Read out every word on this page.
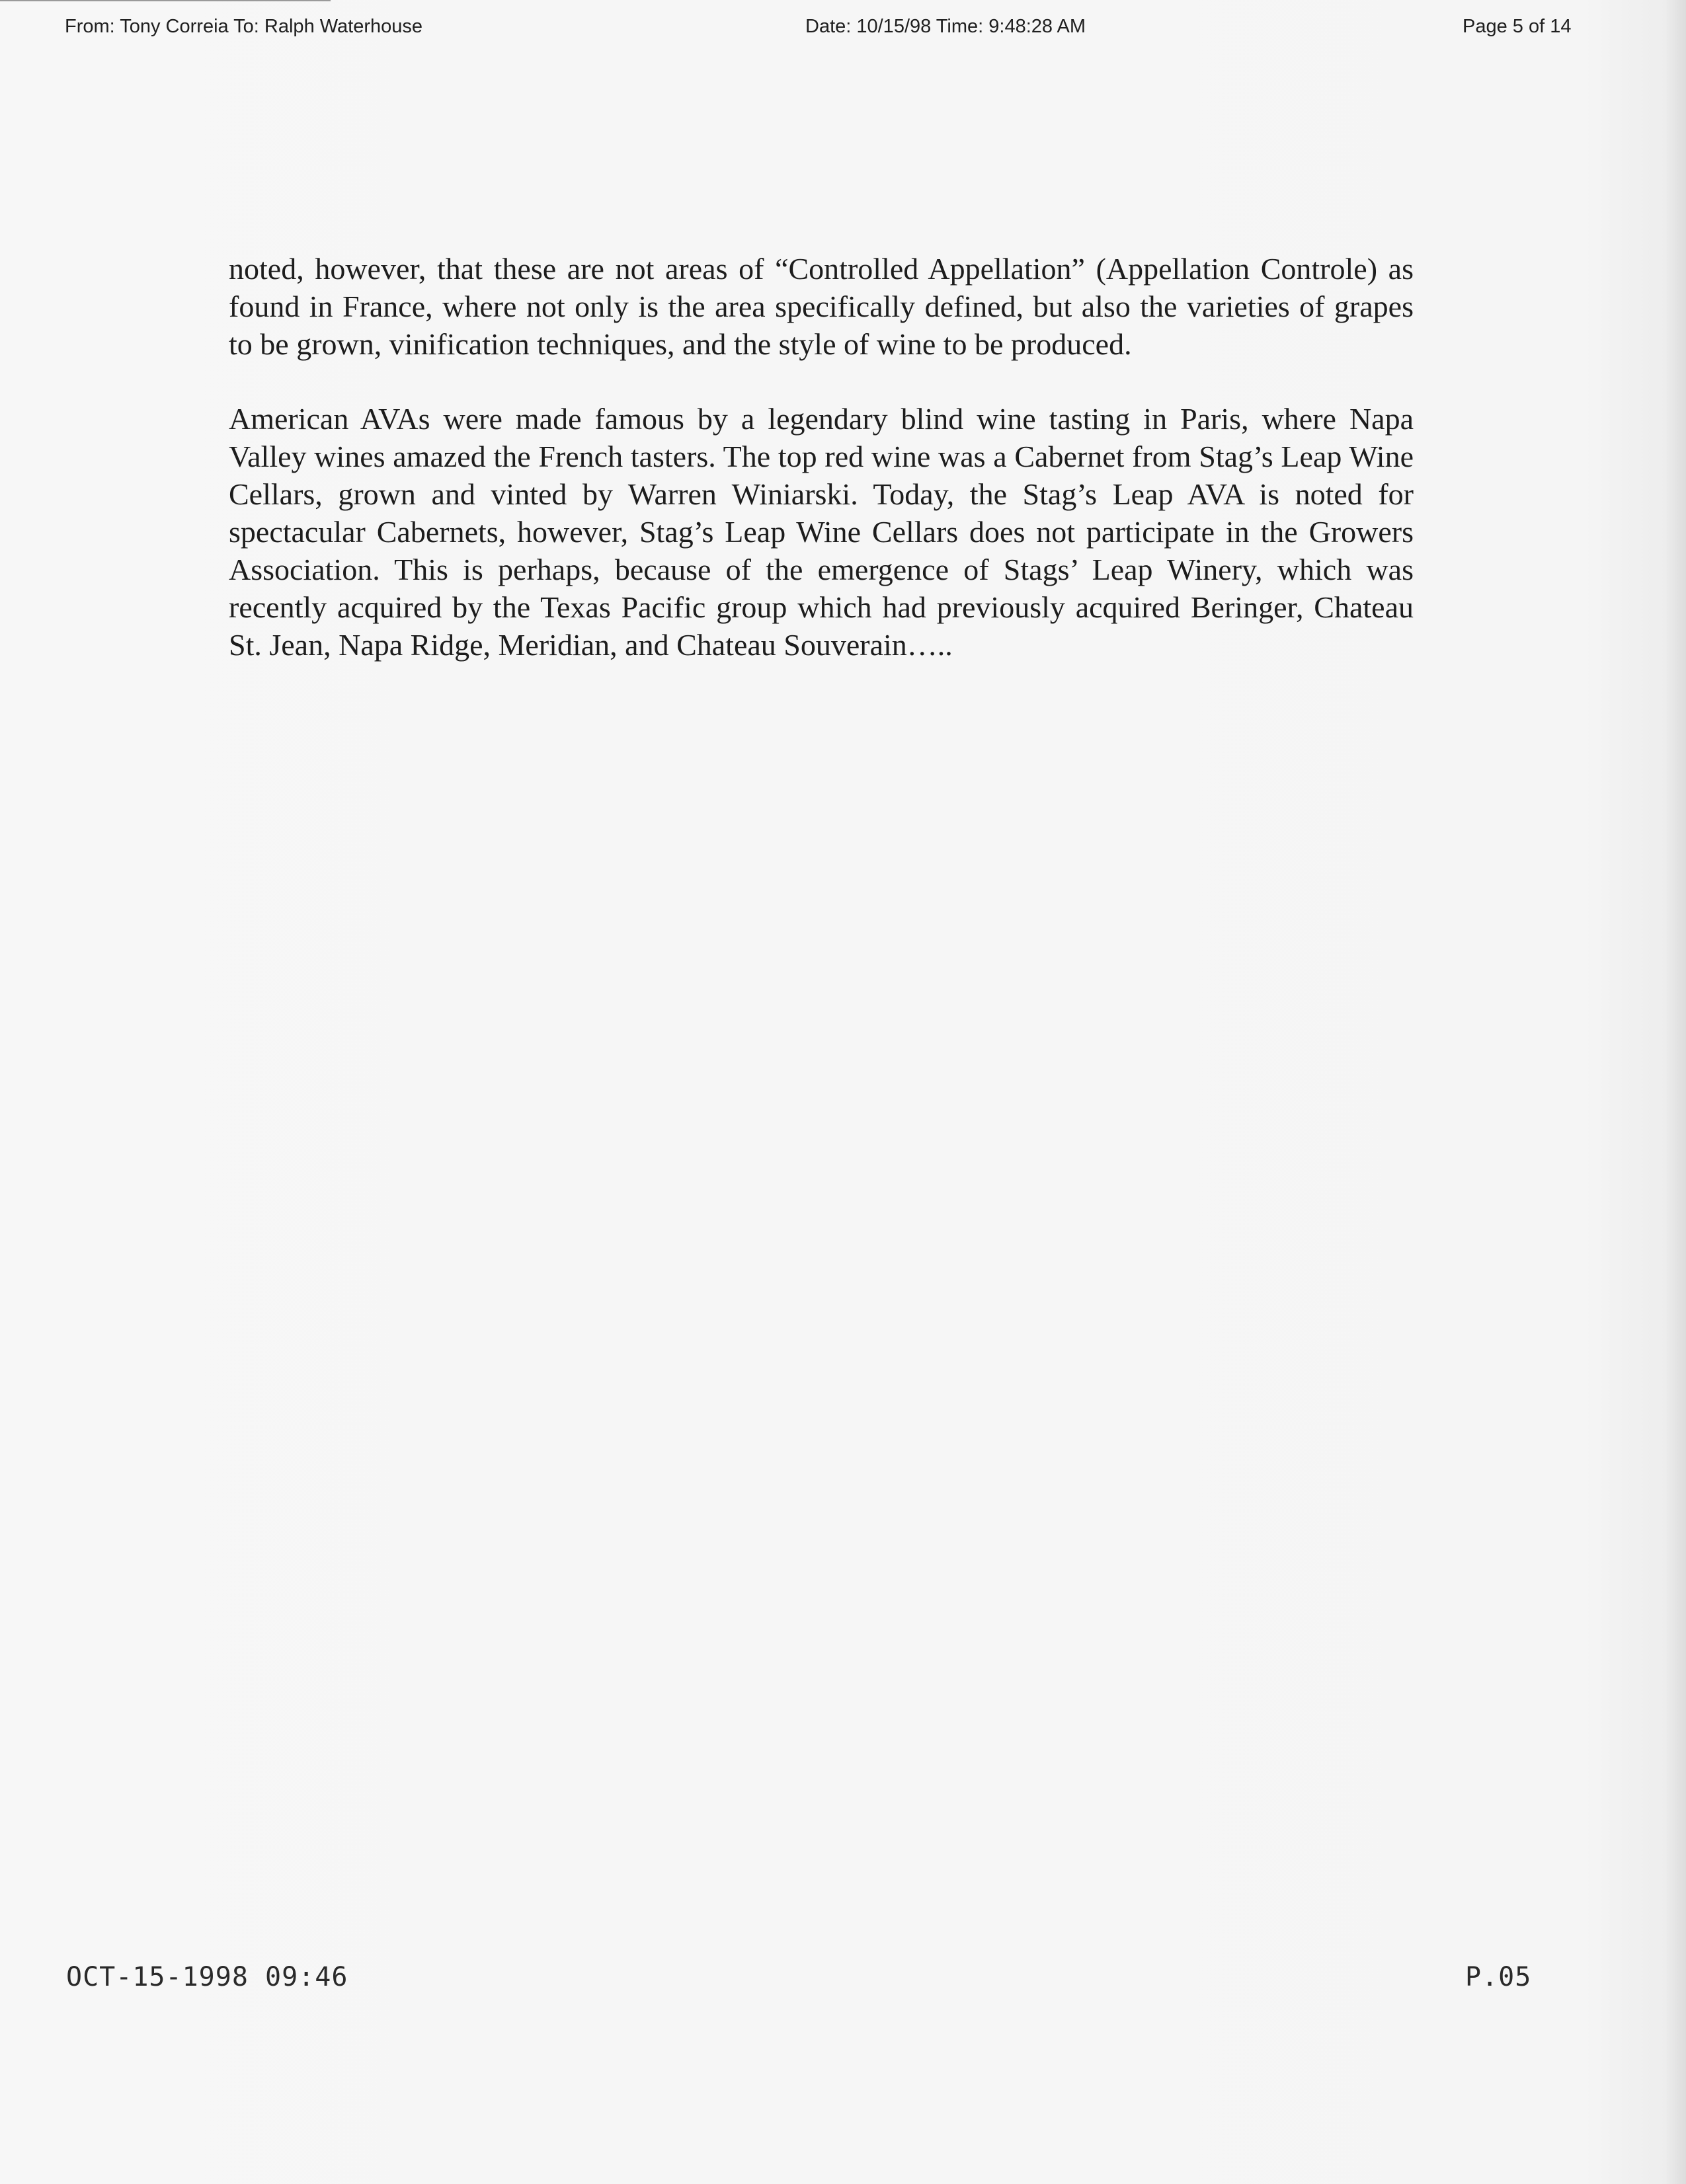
From: Tony Correia To: Ralph Waterhouse	Date: 10/15/98 Time: 9:48:28 AM	Page 5 of 14

noted, however, that these are not areas of “Controlled Appellation” (Appellation Controle) as found in France, where not only is the area specifically defined, but also the varieties of grapes to be grown, vinification techniques, and the style of wine to be produced.

American AVAs were made famous by a legendary blind wine tasting in Paris, where Napa Valley wines amazed the French tasters. The top red wine was a Cabernet from Stag’s Leap Wine Cellars, grown and vinted by Warren Winiarski. Today, the Stag’s Leap AVA is noted for spectacular Cabernets, however, Stag’s Leap Wine Cellars does not participate in the Growers Association. This is perhaps, because of the emergence of Stags’ Leap Winery, which was recently acquired by the Texas Pacific group which had previously acquired Beringer, Chateau St. Jean, Napa Ridge, Meridian, and Chateau Souverain…..

OCT-15-1998 09:46	P.05
